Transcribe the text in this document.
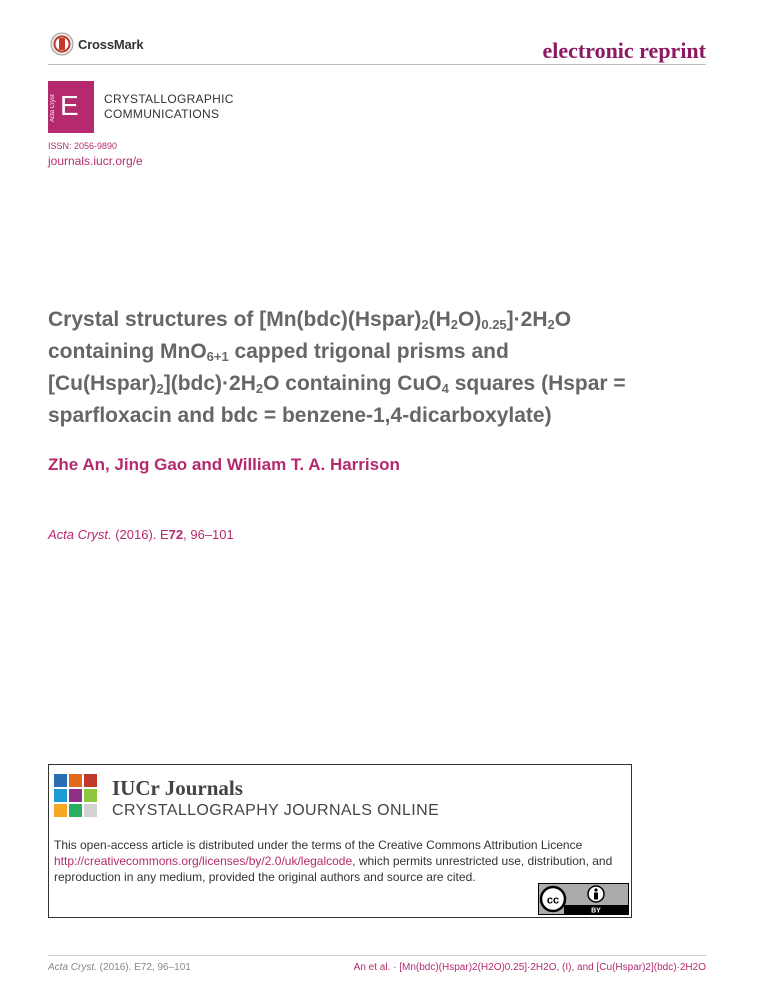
CrossMark	electronic reprint
Acta Cryst E CRYSTALLOGRAPHIC
COMMUNICATIONS
ISSN: 2056-9890
journals.iucr.org/e
Crystal structures of $[Mn(bdc)(Hspar)_2(H_2O)_{0.25}]\cdot 2H_2O$
containing MnO$_{6+1}$ capped trigonal prisms and
$[Cu(Hspar)_2](bdc)\cdot 2H_2O$ containing CuO$_4$ squares (Hspar =
sparfloxacin and bdc = benzene-1,4-dicarboxylate)
Zhe An, Jing Gao and William T. A. Harrison
Acta Cryst. (2016). E72, 96–101
IUCr Journals
CRYSTALLOGRAPHY JOURNALS ONLINE
This open-access article is distributed under the terms of the Creative Commons Attribution Licence
http://creativecommons.org/licenses/by/2.0/uk/legalcode, which permits unrestricted use, distribution, and reproduction in any medium, provided the original authors and source are cited.
cc
BY
Acta Cryst. (2016). E72, 96–101	An et al. · [Mn(bdc)(Hspar)2(H2O)0.25]·2H2O, (I), and [Cu(Hspar)2](bdc)·2H2O
